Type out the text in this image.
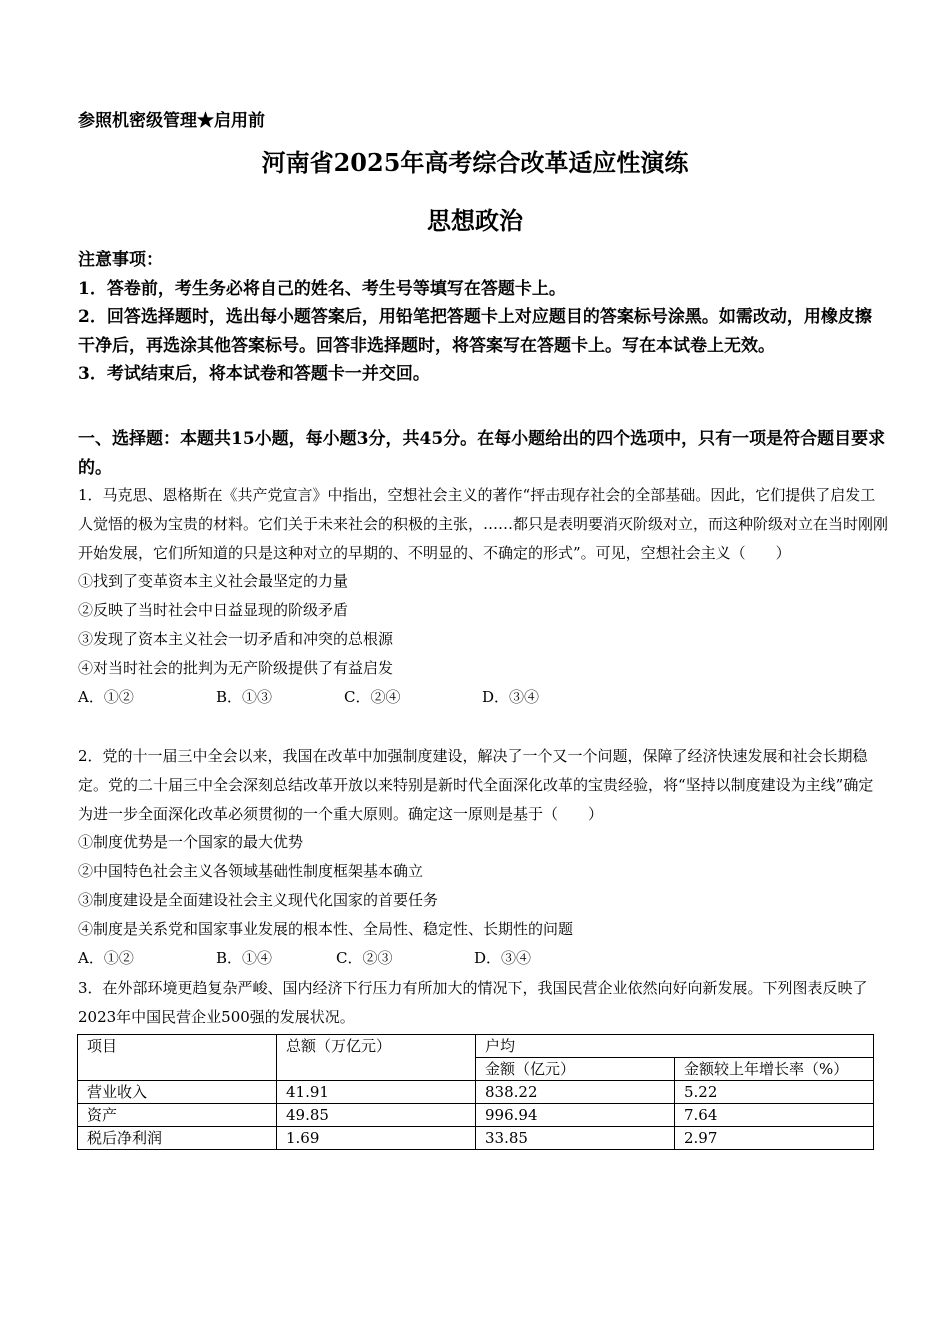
参照机密级管理★启用前
河南省2025年高考综合改革适应性演练
思想政治

注意事项：

1．答卷前，考生务必将自己的姓名、考生号等填写在答题卡上。

2．回答选择题时，选出每小题答案后，用铅笔把答题卡上对应题目的答案标号涂黑。如需改动，用橡皮擦干净后，再选涂其他答案标号。回答非选择题时，将答案写在答题卡上。写在本试卷上无效。

3．考试结束后，将本试卷和答题卡一并交回。

一、选择题：本题共15小题，每小题3分，共45分。在每小题给出的四个选项中，只有一项是符合题目要求的。

1．马克思、恩格斯在《共产党宣言》中指出，空想社会主义的著作“抨击现存社会的全部基础。因此，它们提供了启发工人觉悟的极为宝贵的材料。它们关于未来社会的积极的主张，……都只是表明要消灭阶级对立，而这种阶级对立在当时刚刚开始发展，它们所知道的只是这种对立的早期的、不明显的、不确定的形式”。可见，空想社会主义（　　）

①找到了变革资本主义社会最坚定的力量

②反映了当时社会中日益显现的阶级矛盾

③发现了资本主义社会一切矛盾和冲突的总根源

④对当时社会的批判为无产阶级提供了有益启发

A．①②	B．①③	C．②④	D．③④

2．党的十一届三中全会以来，我国在改革中加强制度建设，解决了一个又一个问题，保障了经济快速发展和社会长期稳定。党的二十届三中全会深刻总结改革开放以来特别是新时代全面深化改革的宝贵经验，将“坚持以制度建设为主线”确定为进一步全面深化改革必须贯彻的一个重大原则。确定这一原则是基于（　　）

①制度优势是一个国家的最大优势

②中国特色社会主义各领域基础性制度框架基本确立

③制度建设是全面建设社会主义现代化国家的首要任务

④制度是关系党和国家事业发展的根本性、全局性、稳定性、长期性的问题

A．①②	B．①④	C．②③	D．③④

3．在外部环境更趋复杂严峻、国内经济下行压力有所加大的情况下，我国民营企业依然向好向新发展。下列图表反映了2023年中国民营企业500强的发展状况。

项目	总额（万亿元）	户均	
		金额（亿元）	金额较上年增长率（%）
营业收入	41.91	838.22	5.22
资产	49.85	996.94	7.64
税后净利润	1.69	33.85	2.97
